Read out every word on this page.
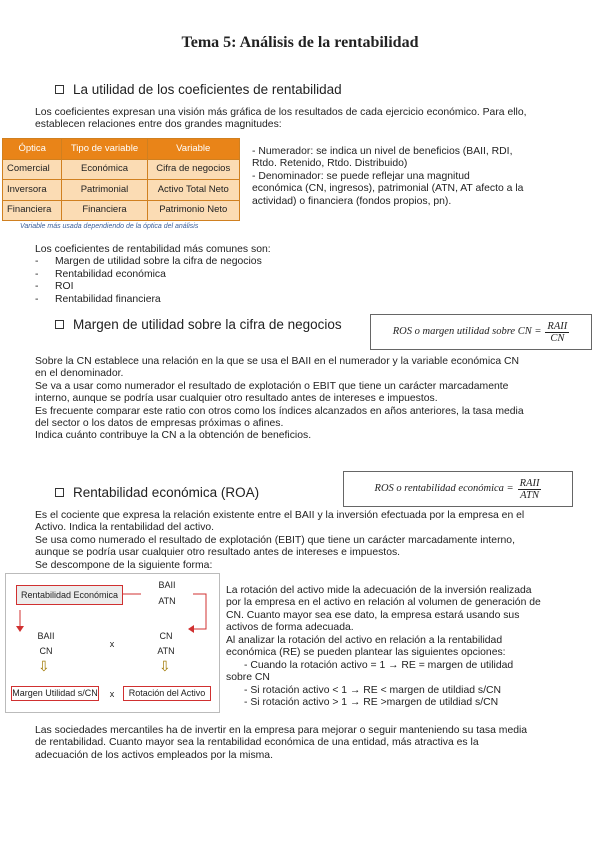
Tema 5: Análisis de la rentabilidad
La utilidad de los coeficientes de rentabilidad
Los coeficientes expresan una visión más gráfica de los resultados de cada ejercicio económico. Para ello,
establecen relaciones entre dos grandes magnitudes:
Óptica	Tipo de variable	Variable
Comercial	Económica	Cifra de negocios
Inversora	Patrimonial	Activo Total Neto
Financiera	Financiera	Patrimonio Neto
Variable más usada dependiendo de la óptica del análisis
- Numerador: se indica un nivel de beneficios (BAII, RDI,
Rtdo. Retenido, Rtdo. Distribuido)
- Denominador: se puede reflejar una magnitud
económica (CN, ingresos), patrimonial (ATN, AT afecto a la
actividad) o financiera (fondos propios, pn).
Los coeficientes de rentabilidad más comunes son:
- Margen de utilidad sobre la cifra de negocios
- Rentabilidad económica
- ROI
- Rentabilidad financiera
Margen de utilidad sobre la cifra de negocios	ROS o margen utilidad sobre CN = $\frac{\text{RAII}}{CN}$
Sobre la CN establece una relación en la que se usa el BAII en el numerador y la variable económica CN
en el denominador.
Se va a usar como numerador el resultado de explotación o EBIT que tiene un carácter marcadamente
interno, aunque se podría usar cualquier otro resultado antes de intereses e impuestos.
Es frecuente comparar este ratio con otros como los índices alcanzados en años anteriores, la tasa media
del sector o los datos de empresas próximas o afines.
Indica cuánto contribuye la CN a la obtención de beneficios.
Rentabilidad económica (ROA)	ROS o rentabilidad económica = $\frac{\text{RAII}}{\text{ATN}}$
Es el cociente que expresa la relación existente entre el BAII y la inversión efectuada por la empresa en el
Activo. Indica la rentabilidad del activo.
Se usa como numerado el resultado de explotación (EBIT) que tiene un carácter marcadamente interno,
aunque se podría usar cualquier otro resultado antes de intereses e impuestos.
Se descompone de la siguiente forma:
Rentabilidad Económica
BAII
ATN
BAII
CN
x
CN
ATN
⇩	⇩
Margen Utilidad s/CN	x	Rotación del Activo
La rotación del activo mide la adecuación de la inversión realizada
por la empresa en el activo en relación al volumen de generación de
CN. Cuanto mayor sea ese dato, la empresa estará usando sus
activos de forma adecuada.
Al analizar la rotación del activo en relación a la rentabilidad
económica (RE) se pueden plantear las siguientes opciones:
- Cuando la rotación activo = 1 → RE = margen de utilidad
sobre CN
- Si rotación activo < 1 → RE < margen de utildiad s/CN
- Si rotación activo > 1 → RE >margen de utildiad s/CN
Las sociedades mercantiles ha de invertir en la empresa para mejorar o seguir manteniendo su tasa media
de rentabilidad. Cuanto mayor sea la rentabilidad económica de una entidad, más atractiva es la
adecuación de los activos empleados por la misma.
